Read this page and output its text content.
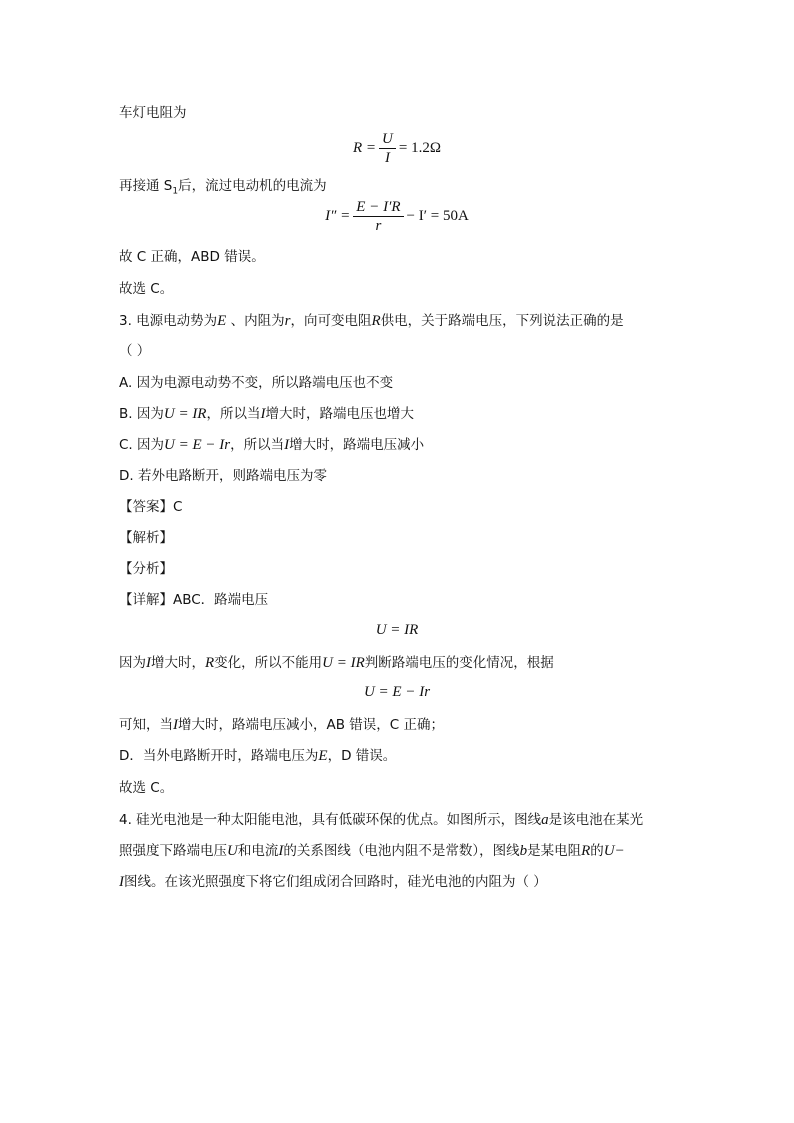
车灯电阻为
$R = \frac{U}{I} = 1.2\Omega$
再接通 $S_1$后，流过电动机的电流为
$I'' = \frac{E - I'R}{r} - I' = 50A$
故 C 正确，ABD 错误。
故选 C。
3. 电源电动势为E 、内阻为r，向可变电阻R供电，关于路端电压，下列说法正确的是
（ ）
A. 因为电源电动势不变，所以路端电压也不变
B. 因为U = IR，所以当I增大时，路端电压也增大
C. 因为U = E − Ir，所以当I增大时，路端电压减小
D. 若外电路断开，则路端电压为零
【答案】C
【解析】
【分析】
【详解】ABC．路端电压
U = IR
因为I增大时，R变化，所以不能用U = IR判断路端电压的变化情况，根据
U = E − Ir
可知，当I增大时，路端电压减小，AB 错误，C 正确；
D．当外电路断开时，路端电压为E，D 错误。
故选 C。
4. 硅光电池是一种太阳能电池，具有低碳环保的优点。如图所示，图线a是该电池在某光
照强度下路端电压U和电流I的关系图线（电池内阻不是常数），图线b是某电阻R的U−
I图线。在该光照强度下将它们组成闭合回路时，硅光电池的内阻为（ ）
